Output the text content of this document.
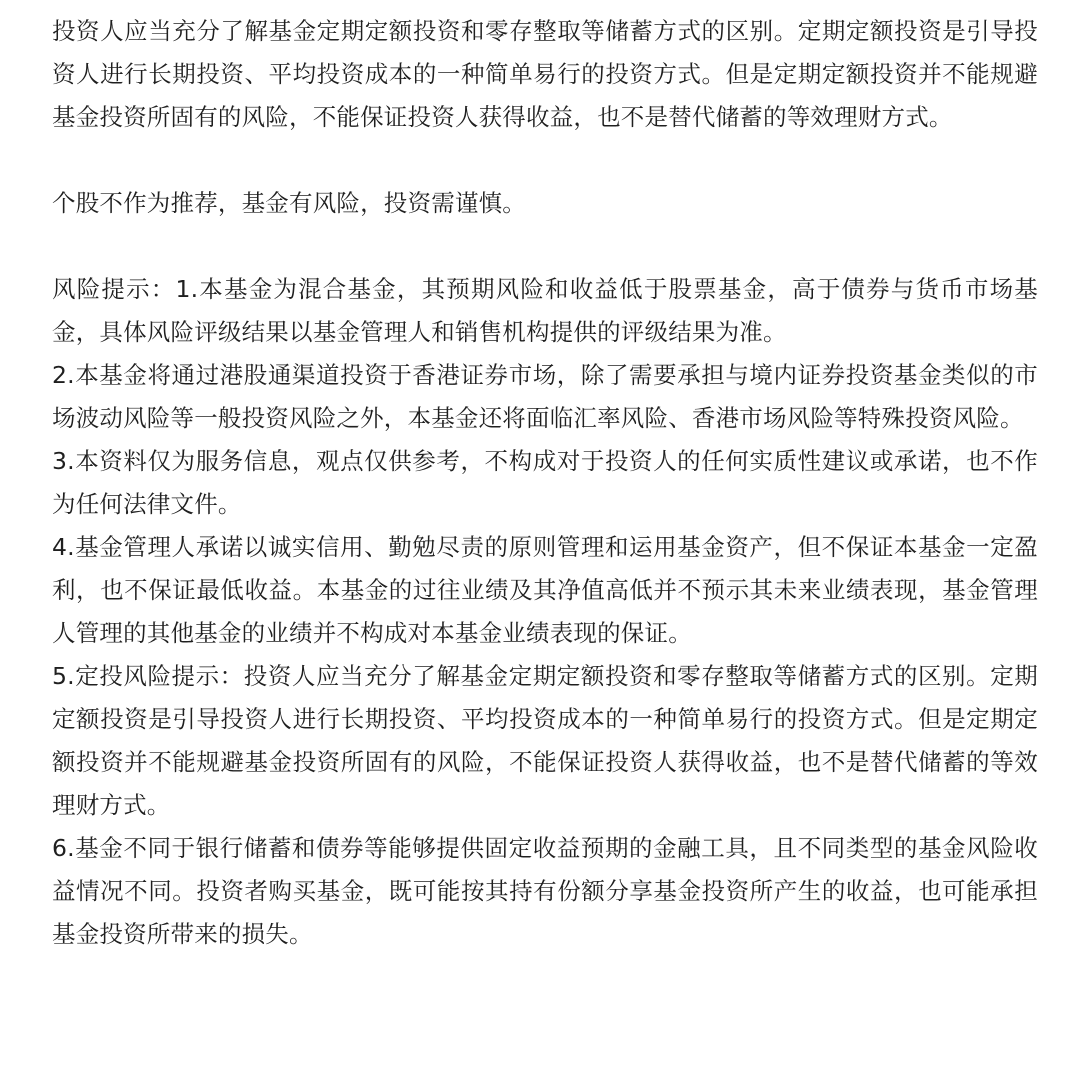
投资人应当充分了解基金定期定额投资和零存整取等储蓄方式的区别。定期定额投资是引导投资人进行长期投资、平均投资成本的一种简单易行的投资方式。但是定期定额投资并不能规避基金投资所固有的风险，不能保证投资人获得收益，也不是替代储蓄的等效理财方式。

个股不作为推荐，基金有风险，投资需谨慎。

风险提示：1.本基金为混合基金，其预期风险和收益低于股票基金，高于债券与货币市场基金，具体风险评级结果以基金管理人和销售机构提供的评级结果为准。

2.本基金将通过港股通渠道投资于香港证券市场，除了需要承担与境内证券投资基金类似的市场波动风险等一般投资风险之外，本基金还将面临汇率风险、香港市场风险等特殊投资风险。

3.本资料仅为服务信息，观点仅供参考，不构成对于投资人的任何实质性建议或承诺，也不作为任何法律文件。

4.基金管理人承诺以诚实信用、勤勉尽责的原则管理和运用基金资产，但不保证本基金一定盈利，也不保证最低收益。本基金的过往业绩及其净值高低并不预示其未来业绩表现，基金管理人管理的其他基金的业绩并不构成对本基金业绩表现的保证。

5.定投风险提示：投资人应当充分了解基金定期定额投资和零存整取等储蓄方式的区别。定期定额投资是引导投资人进行长期投资、平均投资成本的一种简单易行的投资方式。但是定期定额投资并不能规避基金投资所固有的风险，不能保证投资人获得收益，也不是替代储蓄的等效理财方式。

6.基金不同于银行储蓄和债券等能够提供固定收益预期的金融工具，且不同类型的基金风险收益情况不同。投资者购买基金，既可能按其持有份额分享基金投资所产生的收益，也可能承担基金投资所带来的损失。
